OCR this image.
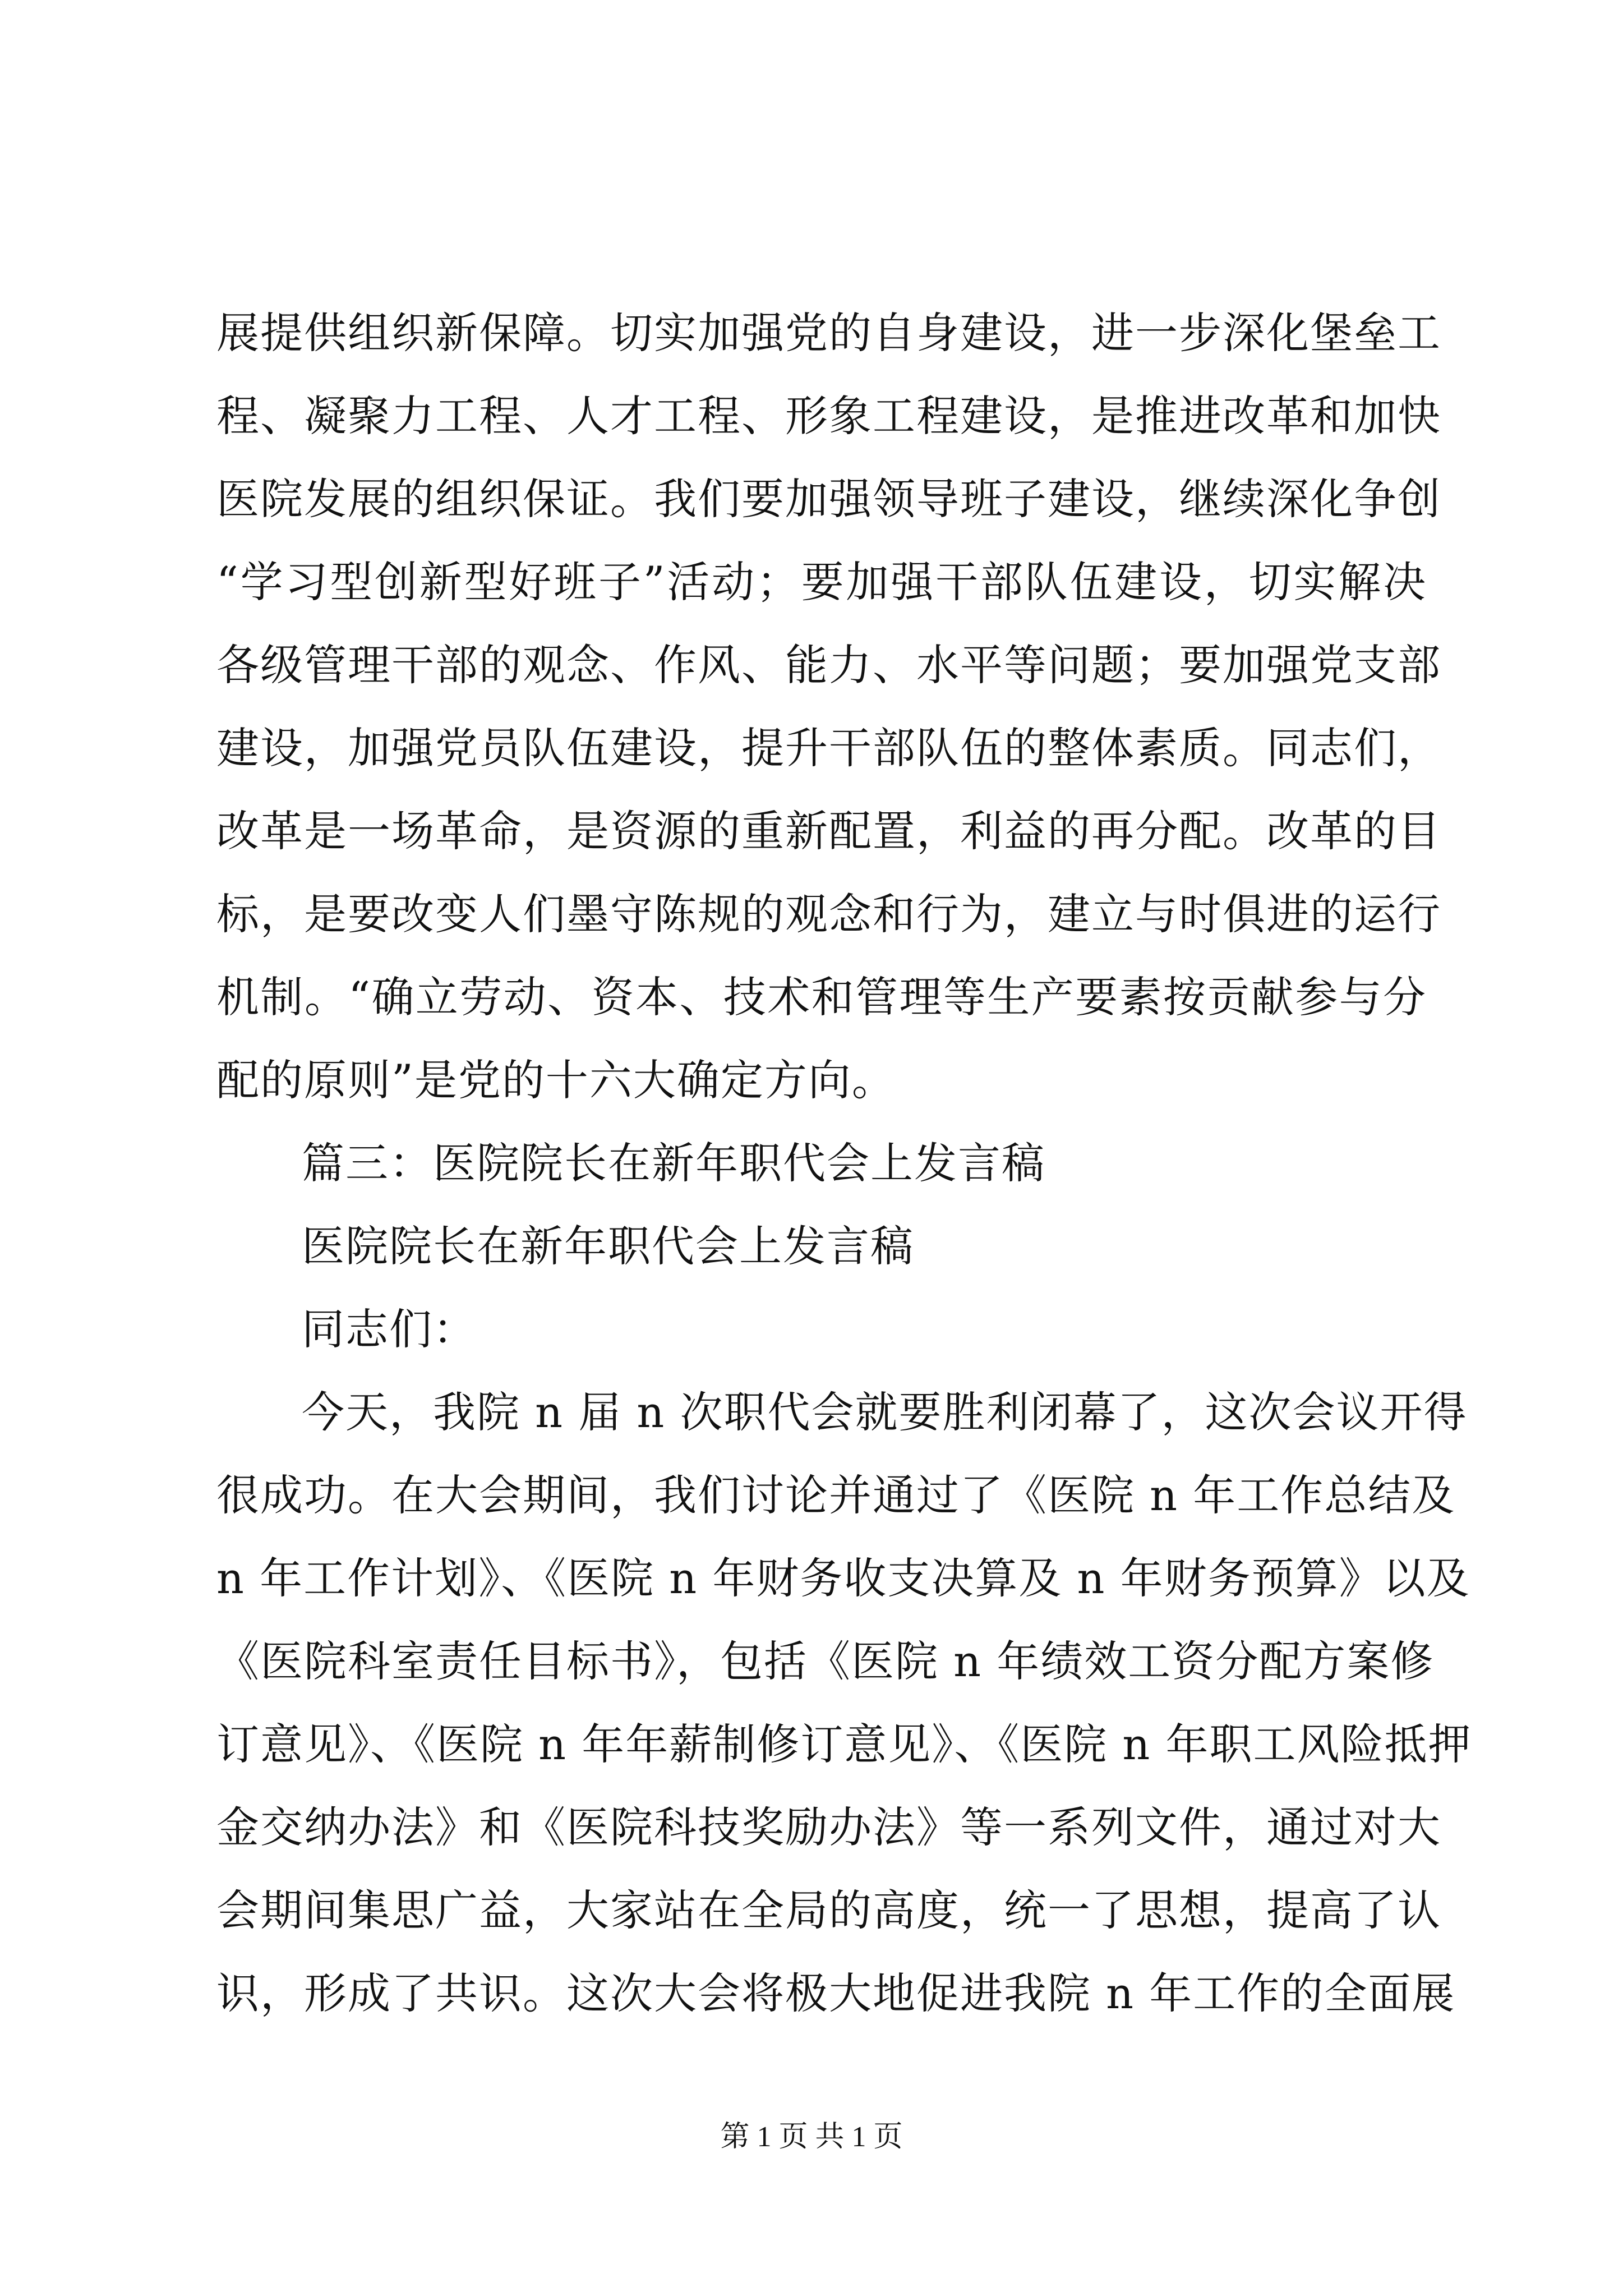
展提供组织新保障。切实加强党的自身建设，进一步深化堡垒工
程、凝聚力工程、人才工程、形象工程建设，是推进改革和加快
医院发展的组织保证。我们要加强领导班子建设，继续深化争创
“学习型创新型好班子”活动；要加强干部队伍建设，切实解决
各级管理干部的观念、作风、能力、水平等问题；要加强党支部
建设，加强党员队伍建设，提升干部队伍的整体素质。同志们，
改革是一场革命，是资源的重新配置，利益的再分配。改革的目
标，是要改变人们墨守陈规的观念和行为，建立与时俱进的运行
机制。“确立劳动、资本、技术和管理等生产要素按贡献参与分
配的原则”是党的十六大确定方向。
篇三：医院院长在新年职代会上发言稿
医院院长在新年职代会上发言稿
同志们：
今天，我院 n 届 n 次职代会就要胜利闭幕了，这次会议开得
很成功。在大会期间，我们讨论并通过了《医院 n 年工作总结及
n 年工作计划》、《医院 n 年财务收支决算及 n 年财务预算》以及
《医院科室责任目标书》，包括《医院 n 年绩效工资分配方案修
订意见》、《医院 n 年年薪制修订意见》、《医院 n 年职工风险抵押
金交纳办法》和《医院科技奖励办法》等一系列文件，通过对大
会期间集思广益，大家站在全局的高度，统一了思想，提高了认
识，形成了共识。这次大会将极大地促进我院 n 年工作的全面展
第 1 页 共 1 页
